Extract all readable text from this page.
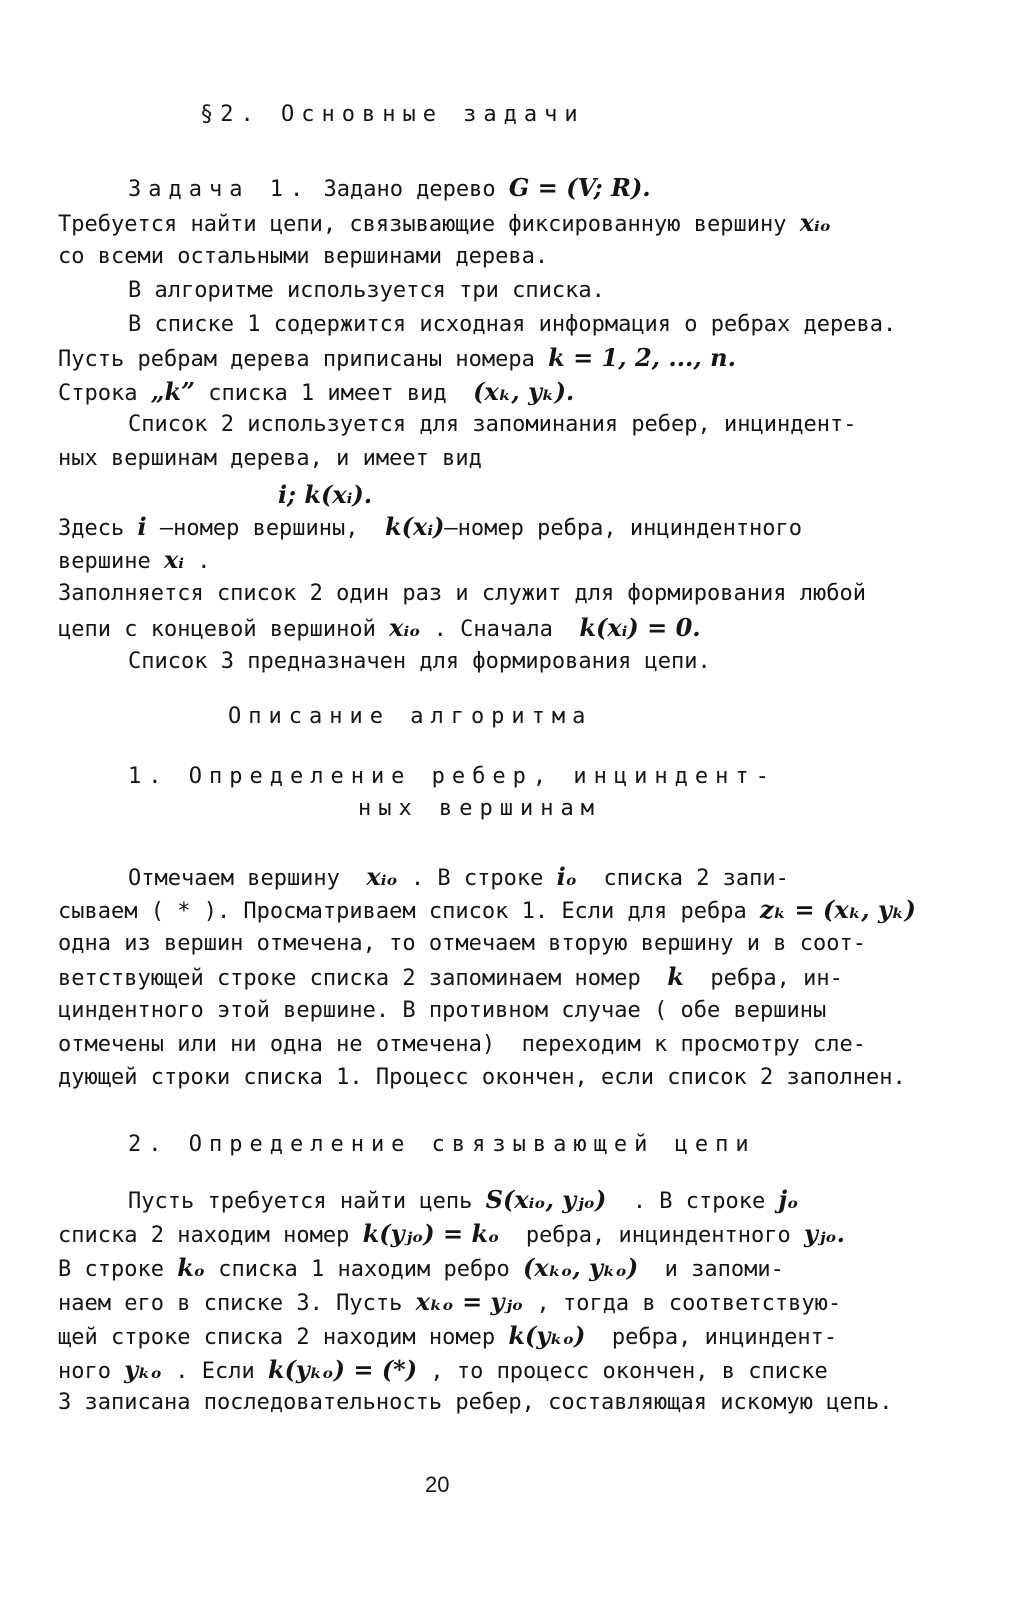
§2. Основные задачи
Задача 1. Задано дерево G = (V; R).
Требуется найти цепи, связывающие фиксированную вершину xᵢₒ
со всеми остальными вершинами дерева.
В алгоритме используется три списка.
В списке 1 содержится исходная информация о ребрах дерева.
Пусть ребрам дерева приписаны номера k = 1, 2, ..., n.
Строка „k” списка 1 имеет вид  (xₖ, yₖ).
Список 2 используется для запоминания ребер, инциндент-
ных вершинам дерева, и имеет вид
i; k(xᵢ).
Здесь i –номер вершины,  k(xᵢ)–номер ребра, инциндентного
вершине xᵢ .
Заполняется список 2 один раз и служит для формирования любой
цепи с концевой вершиной xᵢₒ . Сначала  k(xᵢ) = 0.
Список 3 предназначен для формирования цепи.
Описание алгоритма
1. Определение ребер, инциндент-
ных вершинам
Отмечаем вершину  xᵢₒ . В строке iₒ  списка 2 запи-
сываем ( * ). Просматриваем список 1. Если для ребра zₖ = (xₖ, yₖ)
одна из вершин отмечена, то отмечаем вторую вершину и в соот-
ветствующей строке списка 2 запоминаем номер  k  ребра, ин-
циндентного этой вершине. В противном случае ( обе вершины
отмечены или ни одна не отмечена)  переходим к просмотру сле-
дующей строки списка 1. Процесс окончен, если список 2 заполнен.
2. Определение связывающей цепи
Пусть требуется найти цепь S(xᵢₒ, yⱼₒ)  . В строке jₒ
списка 2 находим номер k(yⱼₒ) = kₒ  ребра, инциндентного yⱼₒ.
В строке kₒ списка 1 находим ребро (xₖₒ, yₖₒ)  и запоми-
наем его в списке 3. Пусть xₖₒ = yⱼₒ , тогда в соответствую-
щей строке списка 2 находим номер k(yₖₒ)  ребра, инциндент-
ного yₖₒ . Если k(yₖₒ) = (*) , то процесс окончен, в списке
3 записана последовательность ребер, составляющая искомую цепь.
20
